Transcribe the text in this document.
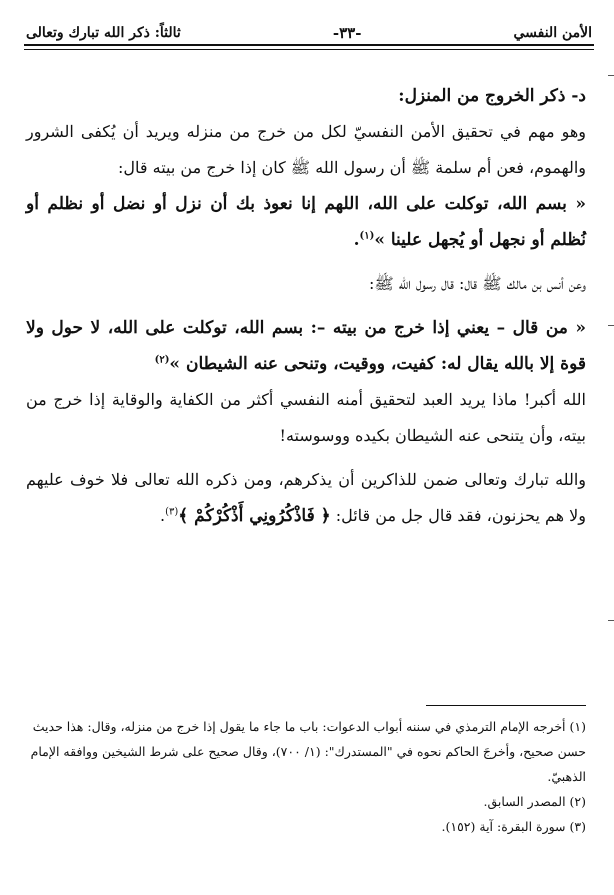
الأمن النفسي
-٣٣-
ثالثاً: ذكر الله تبارك وتعالى

د- ذكر الخروج من المنزل:

وهو مهم في تحقيق الأمن النفسيّ لكل من خرج من منزله ويريد أن يُكفى الشرور والهموم، فعن أم سلمة ﷺ أن رسول الله ﷺ كان إذا خرج من بيته قال:

« بسم الله، توكلت على الله، اللهم إنا نعوذ بك أن نزل أو نضل أو نظلم أو نُظلم أو نجهل أو يُجهل علينا »$^{(١)}$.

وعن أنس بن مالك ﷺ قال: قال رسول الله ﷺ:

« من قال – يعني إذا خرج من بيته –: بسم الله، توكلت على الله، لا حول ولا قوة إلا بالله يقال له: كفيت، ووقيت، وتنحى عنه الشيطان »$^{(٢)}$

الله أكبر! ماذا يريد العبد لتحقيق أمنه النفسي أكثر من الكفاية والوقاية إذا خرج من بيته، وأن يتنحى عنه الشيطان بكيده ووسوسته!

والله تبارك وتعالى ضمن للذاكرين أن يذكرهم، ومن ذكره الله تعالى فلا خوف عليهم ولا هم يحزنون، فقد قال جل من قائل: ﴿ فَاذْكُرُونِي أَذْكُرْكُمْ ﴾$^{(٣)}$.

(١) أخرجه الإمام الترمذي في سننه أبواب الدعوات: باب ما جاء ما يقول إذا خرج من منزله، وقال: هذا حديث حسن صحيح، وأخرجَ الحاكم نحوه في "المستدرك": (١/ ٧٠٠)، وقال صحيح على شرط الشيخين ووافقه الإمام الذهبيّ.

(٢) المصدر السابق.

(٣) سورة البقرة: آية (١٥٢).
